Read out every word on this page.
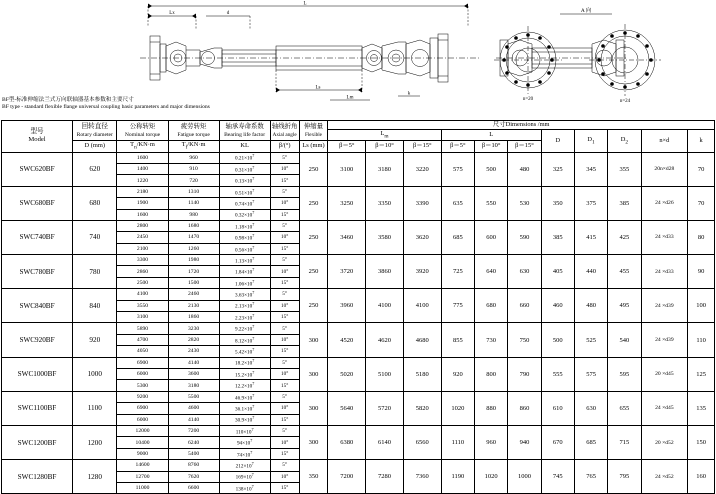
L
Lx	d
Ls
Lm
k
A 向
n=20	n=24
BF型-标准伸缩法兰式万向联轴器基本参数和主要尺寸
BF type - standard flexible flange universal coupling basic parameters and major dimensions
型号
Model

回转直径
Rotary diameter

公称转矩
Nominal torque

疲劳转矩
Fatigue torque

轴承寿命系数
Bearing life factor

轴线折角
Axial angle

伸缩量
Flexible
	尺寸Dimensions /mm
							$L_m$			L			D	$D_1$	$D_2$	n×d	k
	D (mm)	$T_n/KN\cdot m$	$T_f/KN\cdot m$	KL	β/(°)	Ls (mm)	β＝5°	β＝10°	β＝15°	β＝5°	β＝10°	β＝15°					
SWC620BF	620	1600	960	$0.21\times 10^7$	5°	250	3100	3180	3220	575	500	480	325	345	355	20n×d28	70
		1400	910	$0.31\times 10^7$	10°												
		1220	720	$0.13\times 10^7$	15°												
SWC680BF	680	2180	1310	$0.51\times 10^7$	5°	250	3250	3350	3390	635	550	530	350	375	385	24 ×d26	70
		1900	1140	$0.74\times 10^7$	10°												
		1600	980	$0.32\times 10^7$	15°												
SWC740BF	740	2800	1680	$1.18\times 10^7$	5°	250	3460	3580	3620	685	600	590	385	415	425	24 ×d33	80
		2450	1470	$0.98\times 10^7$	10°												
		2100	1260	$0.56\times 10^7$	15°												
SWC780BF	780	3300	1980	$1.13\times 10^7$	5°	250	3720	3860	3920	725	640	630	405	440	455	24 ×d33	90
		2860	1720	$1.84\times 10^7$	10°												
		2500	1500	$1.06\times 10^7$	15°												
SWC840BF	840	4100	2460	$3.63\times 10^7$	5°	250	3960	4100	4100	775	680	660	460	480	495	24 ×d39	100
		3550	2130	$2.13\times 10^7$	10°												
		3100	1860	$2.23\times 10^7$	15°												
SWC920BF	920	5890	3230	$9.22\times 10^7$	5°	300	4520	4620	4680	855	730	750	500	525	540	24 ×d39	110
		4700	2820	$8.12\times 10^7$	10°												
		4050	2430	$5.42\times 10^7$	15°												
SWC1000BF	1000	6900	4140	$18.2\times 10^7$	5°	300	5020	5100	5180	920	800	790	555	575	595	20 ×d45	125
		6000	3600	$15.2\times 10^7$	10°												
		5300	3180	$12.2\times 10^7$	15°												
SWC1100BF	1100	9200	5500	$46.9\times 10^7$	5°	300	5640	5720	5820	1020	880	860	610	630	655	24 ×d45	135
		6900	4600	$36.1\times 10^7$	10°												
		6000	4140	$30.9\times 10^7$	15°												
SWC1200BF	1200	12000	7200	$110\times 10^7$	5°	300	6380	6140	6560	1110	960	940	670	685	715	20 ×d52	150
		10400	6240	$94\times 10^7$	10°												
		9000	5400	$74\times 10^7$	15°												
SWC1280BF	1280	14600	8760	$212\times 10^7$	5°	350	7200	7280	7360	1190	1020	1000	745	765	795	24 ×d52	160
		12700	7620	$169\times 10^7$	10°												
		11000	6600	$138\times 10^7$	15°												
